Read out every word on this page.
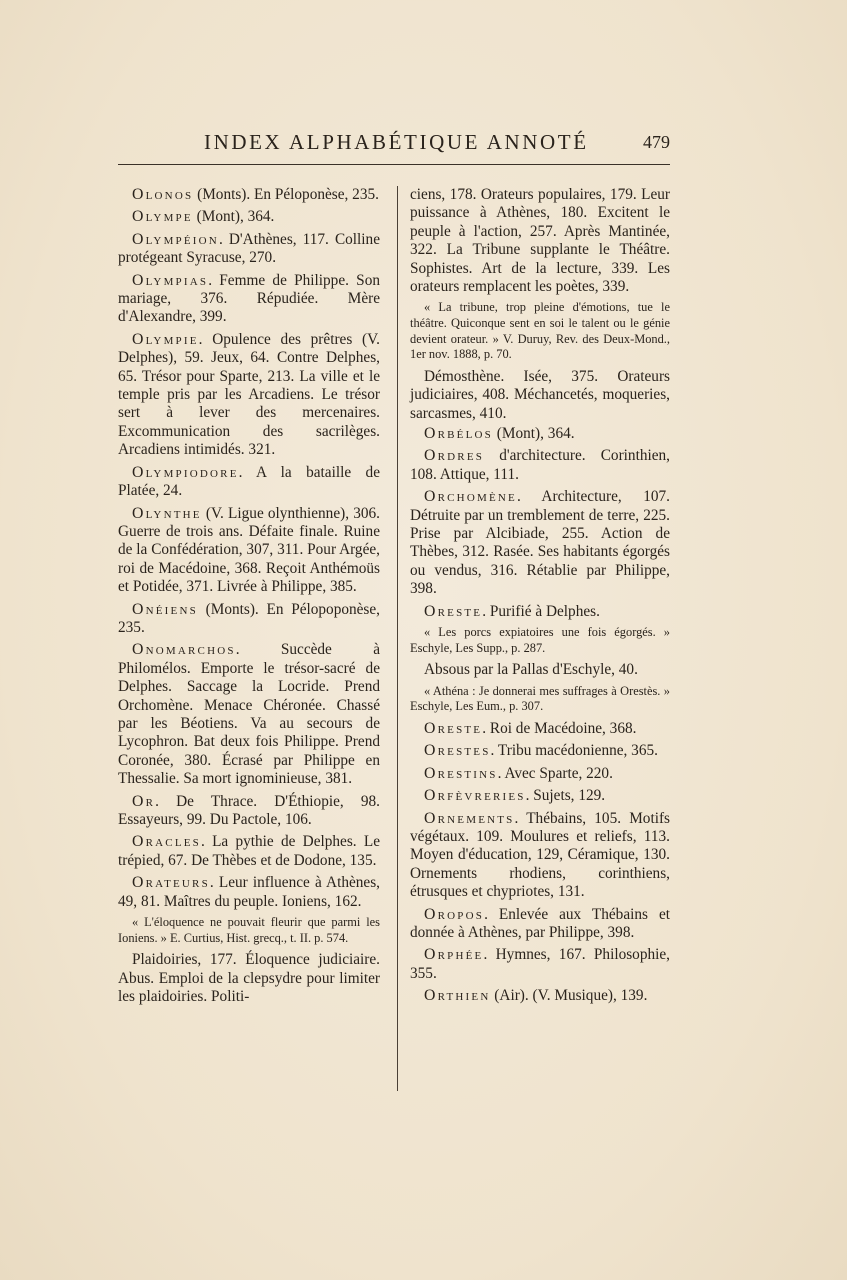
INDEX ALPHABÉTIQUE ANNOTÉ	479
Olonos (Monts). En Péloponèse, 235.
Olympe (Mont), 364.
Olympéion. D'Athènes, 117. Colline protégeant Syracuse, 270.
Olympias. Femme de Philippe. Son mariage, 376. Répudiée. Mère d'Alexandre, 399.
Olympie. Opulence des prêtres (V. Delphes), 59. Jeux, 64. Contre Delphes, 65. Trésor pour Sparte, 213. La ville et le temple pris par les Arcadiens. Le trésor sert à lever des mercenaires. Excommunication des sacrilèges. Arcadiens intimidés. 321.
Olympiodore. A la bataille de Platée, 24.
Olynthe (V. Ligue olynthienne), 306. Guerre de trois ans. Défaite finale. Ruine de la Confédération, 307, 311. Pour Argée, roi de Macédoine, 368. Reçoit Anthémoüs et Potidée, 371. Livrée à Philippe, 385.
Onéiens (Monts). En Pélopoponèse, 235.
Onomarchos. Succède à Philomélos. Emporte le trésor-sacré de Delphes. Saccage la Locride. Prend Orchomène. Menace Chéronée. Chassé par les Béotiens. Va au secours de Lycophron. Bat deux fois Philippe. Prend Coronée, 380. Écrasé par Philippe en Thessalie. Sa mort ignominieuse, 381.
Or. De Thrace. D'Éthiopie, 98. Essayeurs, 99. Du Pactole, 106.
Oracles. La pythie de Delphes. Le trépied, 67. De Thèbes et de Dodone, 135.
Orateurs. Leur influence à Athènes, 49, 81. Maîtres du peuple. Ioniens, 162.
« L'éloquence ne pouvait fleurir que parmi les Ioniens. » E. Curtius, Hist. grecq., t. II. p. 574.
Plaidoiries, 177. Éloquence judiciaire. Abus. Emploi de la clepsydre pour limiter les plaidoiries. Politi-
ciens, 178. Orateurs populaires, 179. Leur puissance à Athènes, 180. Excitent le peuple à l'action, 257. Après Mantinée, 322. La Tribune supplante le Théâtre. Sophistes. Art de la lecture, 339. Les orateurs remplacent les poètes, 339.
« La tribune, trop pleine d'émotions, tue le théâtre. Quiconque sent en soi le talent ou le génie devient orateur. » V. Duruy, Rev. des Deux-Mond., 1er nov. 1888, p. 70.
Démosthène. Isée, 375. Orateurs judiciaires, 408. Méchancetés, moqueries, sarcasmes, 410.
Orbélos (Mont), 364.
Ordres d'architecture. Corinthien, 108. Attique, 111.
Orchomène. Architecture, 107. Détruite par un tremblement de terre, 225. Prise par Alcibiade, 255. Action de Thèbes, 312. Rasée. Ses habitants égorgés ou vendus, 316. Rétablie par Philippe, 398.
Oreste. Purifié à Delphes.
« Les porcs expiatoires une fois égorgés. » Eschyle, Les Supp., p. 287.
Absous par la Pallas d'Eschyle, 40.
« Athéna : Je donnerai mes suffrages à Orestès. » Eschyle, Les Eum., p. 307.
Oreste. Roi de Macédoine, 368.
Orestes. Tribu macédonienne, 365.
Orestins. Avec Sparte, 220.
Orfèvreries. Sujets, 129.
Ornements. Thébains, 105. Motifs végétaux. 109. Moulures et reliefs, 113. Moyen d'éducation, 129, Céramique, 130. Ornements rhodiens, corinthiens, étrusques et chypriotes, 131.
Oropos. Enlevée aux Thébains et donnée à Athènes, par Philippe, 398.
Orphée. Hymnes, 167. Philosophie, 355.
Orthien (Air). (V. Musique), 139.
